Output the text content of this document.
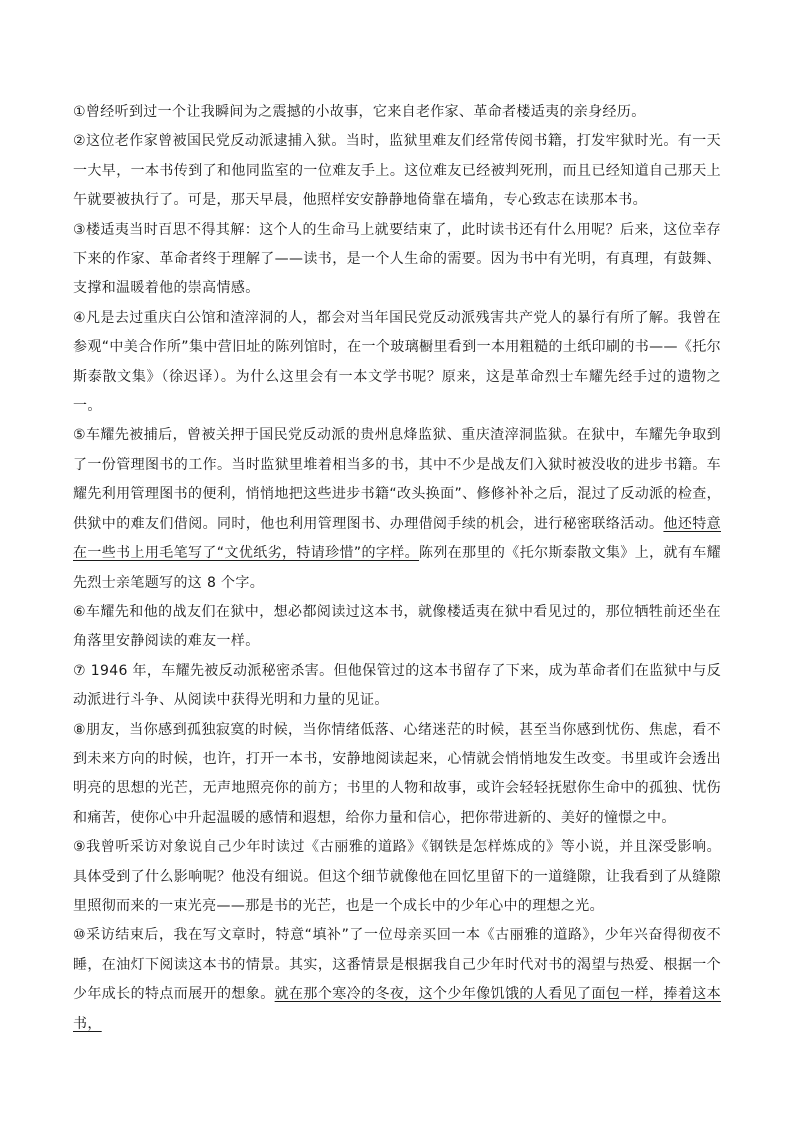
①曾经听到过一个让我瞬间为之震撼的小故事，它来自老作家、革命者楼适夷的亲身经历。

②这位老作家曾被国民党反动派逮捕入狱。当时，监狱里难友们经常传阅书籍，打发牢狱时光。有一天一大早，一本书传到了和他同监室的一位难友手上。这位难友已经被判死刑，而且已经知道自己那天上午就要被执行了。可是，那天早晨，他照样安安静静地倚靠在墙角，专心致志在读那本书。

③楼适夷当时百思不得其解：这个人的生命马上就要结束了，此时读书还有什么用呢？后来，这位幸存下来的作家、革命者终于理解了——读书，是一个人生命的需要。因为书中有光明，有真理，有鼓舞、支撑和温暖着他的崇高情感。

④凡是去过重庆白公馆和渣滓洞的人，都会对当年国民党反动派残害共产党人的暴行有所了解。我曾在参观“中美合作所”集中营旧址的陈列馆时，在一个玻璃橱里看到一本用粗糙的土纸印刷的书——《托尔斯泰散文集》（徐迟译）。为什么这里会有一本文学书呢？原来，这是革命烈士车耀先经手过的遗物之一。

⑤车耀先被捕后，曾被关押于国民党反动派的贵州息烽监狱、重庆渣滓洞监狱。在狱中，车耀先争取到了一份管理图书的工作。当时监狱里堆着相当多的书，其中不少是战友们入狱时被没收的进步书籍。车耀先利用管理图书的便利，悄悄地把这些进步书籍“改头换面”、修修补补之后，混过了反动派的检查，供狱中的难友们借阅。同时，他也利用管理图书、办理借阅手续的机会，进行秘密联络活动。他还特意在一些书上用毛笔写了“文优纸劣，特请珍惜”的字样。陈列在那里的《托尔斯泰散文集》上，就有车耀先烈士亲笔题写的这 8 个字。

⑥车耀先和他的战友们在狱中，想必都阅读过这本书，就像楼适夷在狱中看见过的，那位牺牲前还坐在角落里安静阅读的难友一样。

⑦ 1946 年，车耀先被反动派秘密杀害。但他保管过的这本书留存了下来，成为革命者们在监狱中与反动派进行斗争、从阅读中获得光明和力量的见证。

⑧朋友，当你感到孤独寂寞的时候，当你情绪低落、心绪迷茫的时候，甚至当你感到忧伤、焦虑，看不到未来方向的时候，也许，打开一本书，安静地阅读起来，心情就会悄悄地发生改变。书里或许会透出明亮的思想的光芒，无声地照亮你的前方；书里的人物和故事，或许会轻轻抚慰你生命中的孤独、忧伤和痛苦，使你心中升起温暖的感情和遐想，给你力量和信心，把你带进新的、美好的憧憬之中。

⑨我曾听采访对象说自己少年时读过《古丽雅的道路》《钢铁是怎样炼成的》等小说，并且深受影响。具体受到了什么影响呢？他没有细说。但这个细节就像他在回忆里留下的一道缝隙，让我看到了从缝隙里照彻而来的一束光亮——那是书的光芒，也是一个成长中的少年心中的理想之光。

⑩采访结束后，我在写文章时，特意“填补”了一位母亲买回一本《古丽雅的道路》，少年兴奋得彻夜不睡，在油灯下阅读这本书的情景。其实，这番情景是根据我自己少年时代对书的渴望与热爱、根据一个少年成长的特点而展开的想象。就在那个寒冷的冬夜，这个少年像饥饿的人看见了面包一样，捧着这本书，
